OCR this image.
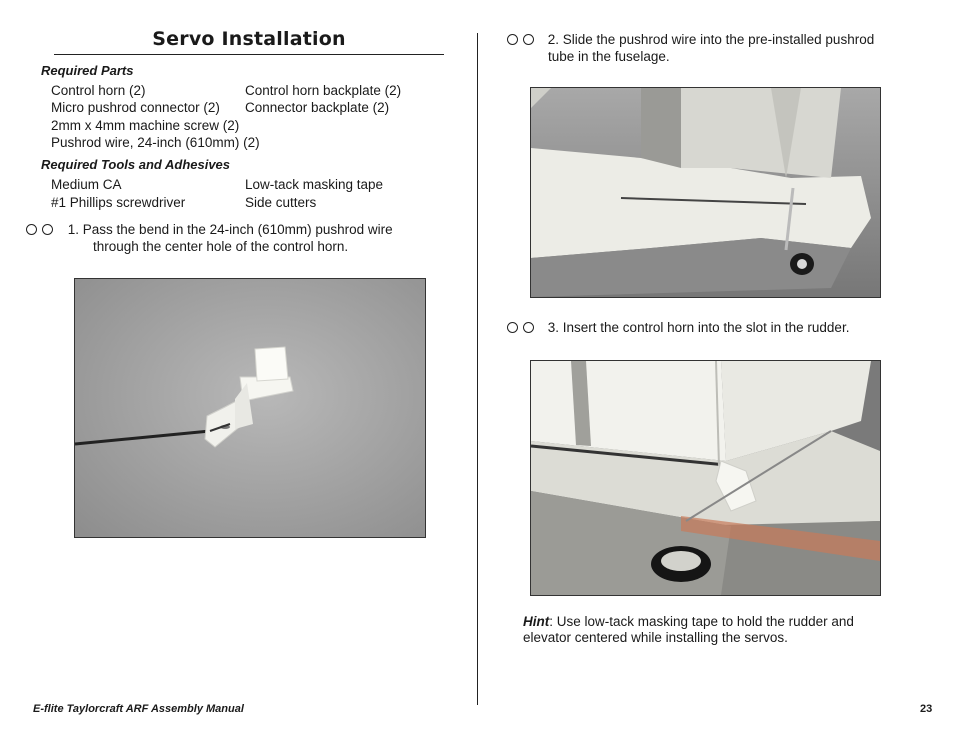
Servo Installation
Required Parts
Control horn (2)	Control horn backplate (2)
Micro pushrod connector (2) Connector backplate (2)
2mm x 4mm machine screw (2)
Pushrod wire, 24-inch (610mm) (2)
Required Tools and Adhesives
Medium CA	Low-tack masking tape
#1 Phillips screwdriver	Side cutters
1. Pass the bend in the 24-inch (610mm) pushrod wire
through the center hole of the control horn.
2. Slide the pushrod wire into the pre-installed pushrod
tube in the fuselage.
3. Insert the control horn into the slot in the rudder.
Hint: Use low-tack masking tape to hold the rudder and
elevator centered while installing the servos.
E-flite Taylorcraft ARF Assembly Manual	23
